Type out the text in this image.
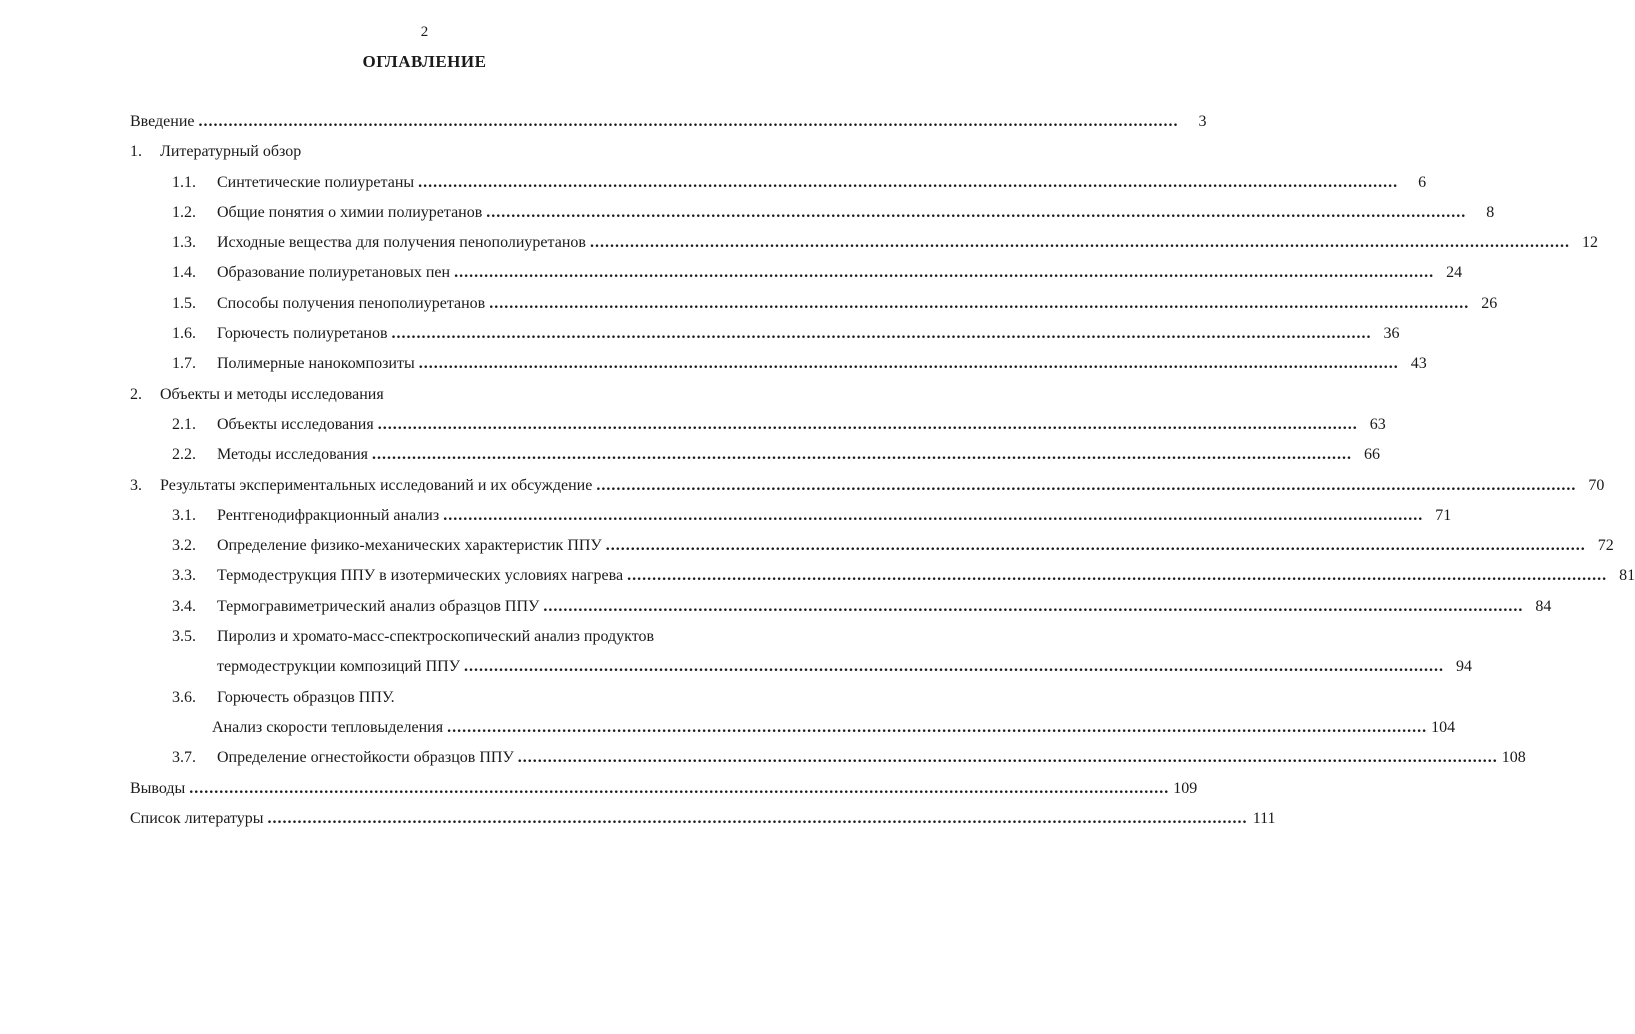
2
ОГЛАВЛЕНИЕ
Введение .....	3
1.	Литературный обзор
1.1.	Синтетические полиуретаны .....	6
1.2.	Общие понятия о химии полиуретанов .....	8
1.3.	Исходные вещества для получения пенополиуретанов .....	12
1.4.	Образование полиуретановых пен .....	24
1.5.	Способы получения пенополиуретанов .....	26
1.6.	Горючесть полиуретанов .....	36
1.7.	Полимерные нанокомпозиты .....	43
2.	Объекты и методы исследования
2.1.	Объекты исследования .....	63
2.2.	Методы исследования .....	66
3.	Результаты экспериментальных исследований и их обсуждение .....	70
3.1.	Рентгенодифракционный анализ .....	71
3.2.	Определение физико-механических характеристик ППУ .....	72
3.3.	Термодеструкция ППУ в изотермических условиях нагрева .....	81
3.4.	Термогравиметрический анализ образцов ППУ .....	84
3.5.	Пиролиз и хромато-масс-спектроскопический анализ продуктов
термодеструкции композиций ППУ .....	94
3.6.	Горючесть образцов ППУ.
Анализ скорости тепловыделения .....	104
3.7.	Определение огнестойкости образцов ППУ .....	108
Выводы .....	109
Список литературы .....	111
